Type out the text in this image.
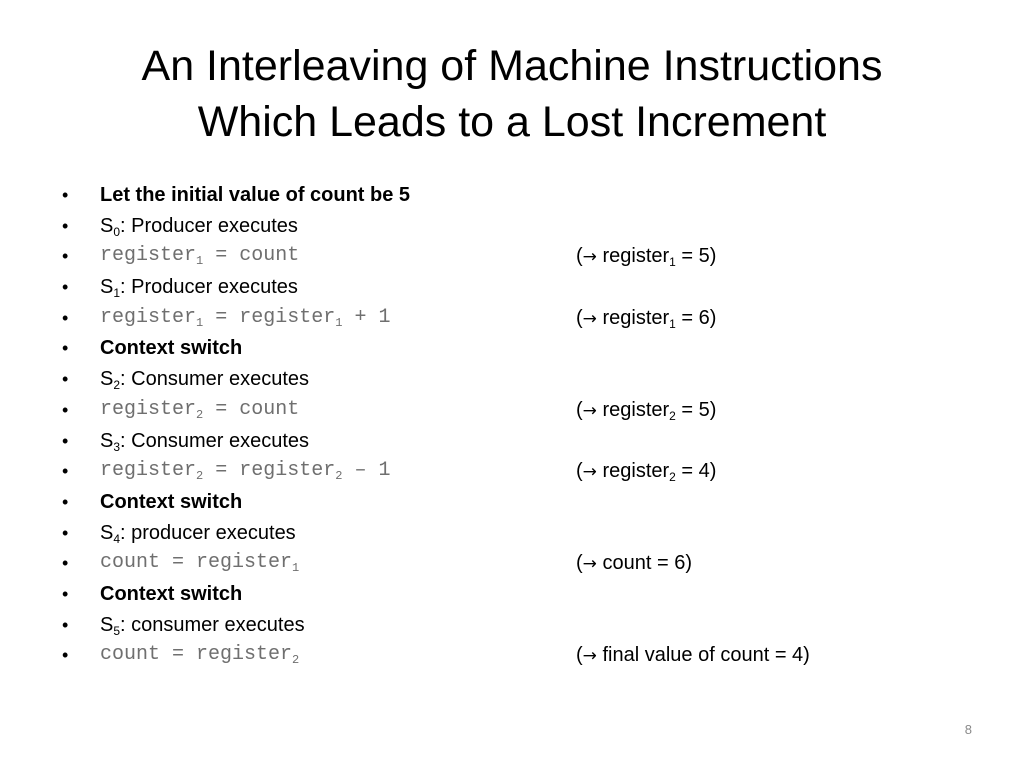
An Interleaving of Machine Instructions
Which Leads to a Lost Increment
•	Let the initial value of count be 5
•	$S_0$: Producer executes
•	register$_1$ = count	(→ register$_1$ = 5)
•	$S_1$: Producer executes
•	register$_1$ = register$_1$ + 1	(→ register$_1$ = 6)
•	Context switch
•	$S_2$: Consumer executes
•	register$_2$ = count	(→ register$_2$ = 5)
•	$S_3$: Consumer executes
•	register$_2$ = register$_2$ – 1	(→ register$_2$ = 4)
•	Context switch
•	$S_4$: producer executes
•	count = register$_1$	(→ count = 6)
•	Context switch
•	$S_5$: consumer executes
•	count = register$_2$	(→ final value of count = 4)
8
